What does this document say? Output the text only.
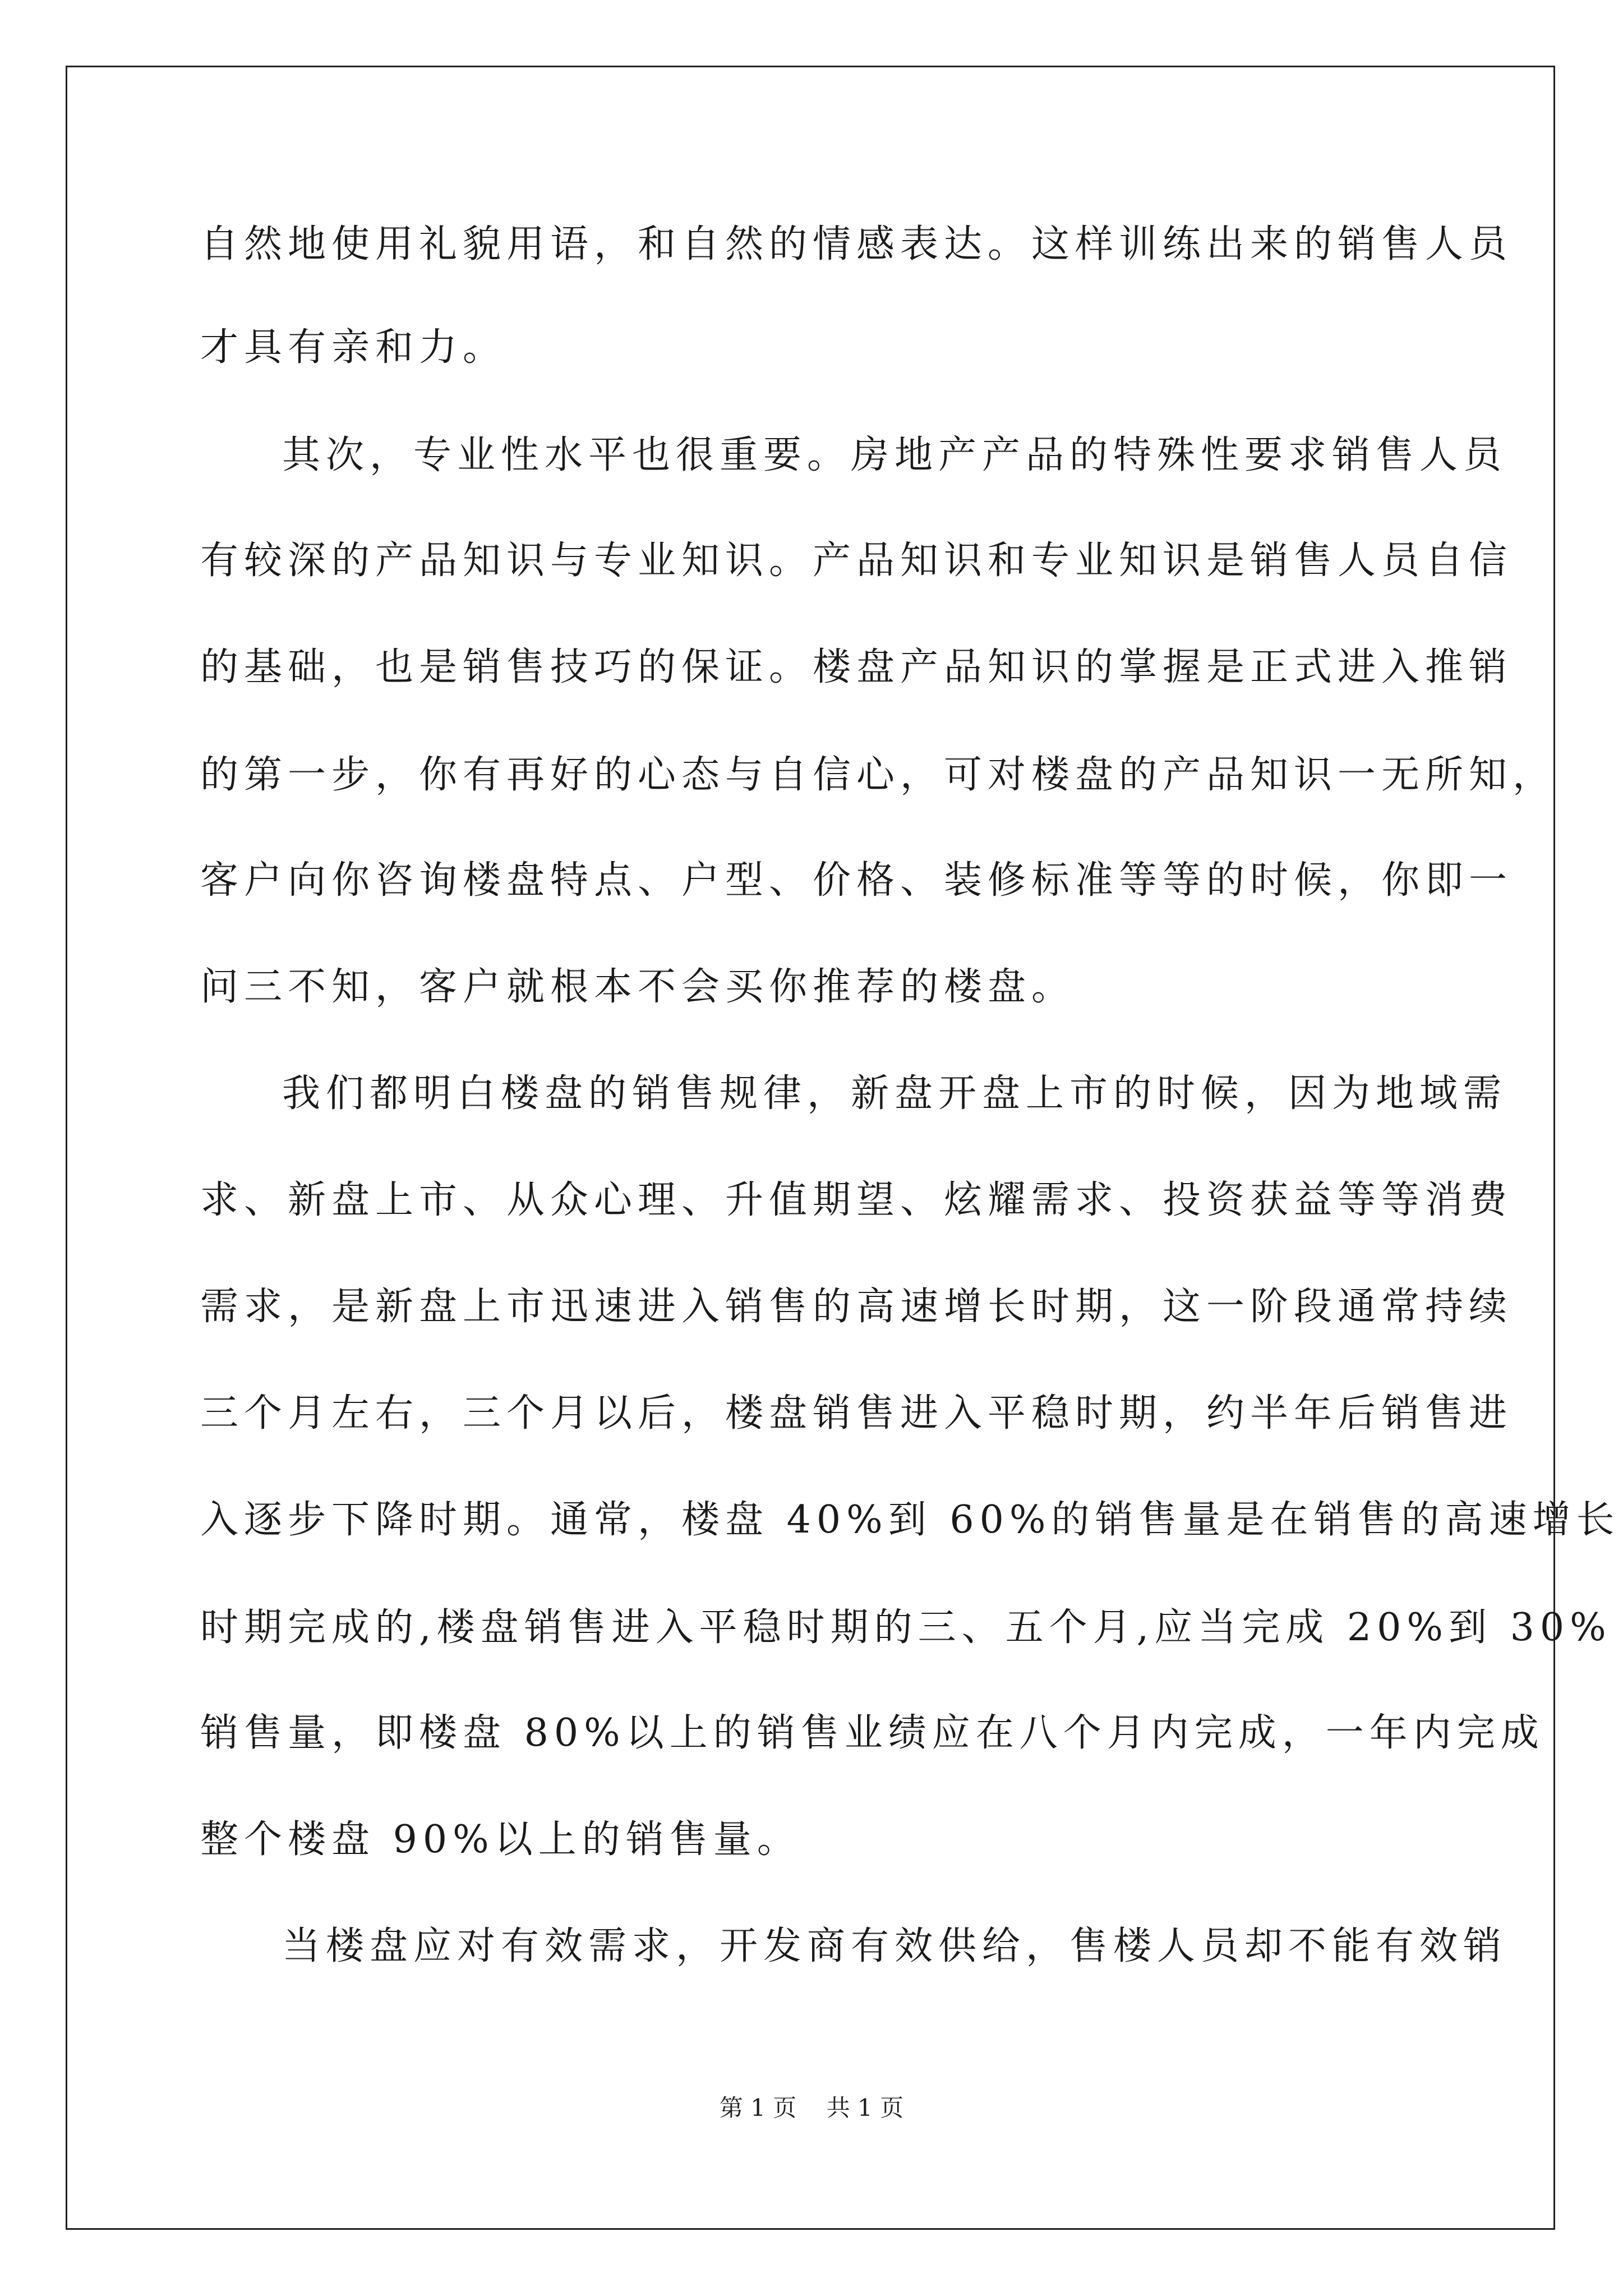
自然地使用礼貌用语，和自然的情感表达。这样训练出来的销售人员
才具有亲和力。
其次，专业性水平也很重要。房地产产品的特殊性要求销售人员
有较深的产品知识与专业知识。产品知识和专业知识是销售人员自信
的基础，也是销售技巧的保证。楼盘产品知识的掌握是正式进入推销
的第一步，你有再好的心态与自信心，可对楼盘的产品知识一无所知，
客户向你咨询楼盘特点、户型、价格、装修标准等等的时候，你即一
问三不知，客户就根本不会买你推荐的楼盘。
我们都明白楼盘的销售规律，新盘开盘上市的时候，因为地域需
求、新盘上市、从众心理、升值期望、炫耀需求、投资获益等等消费
需求，是新盘上市迅速进入销售的高速增长时期，这一阶段通常持续
三个月左右，三个月以后，楼盘销售进入平稳时期，约半年后销售进
入逐步下降时期。通常，楼盘 40%到 60%的销售量是在销售的高速增长
时期完成的,楼盘销售进入平稳时期的三、五个月,应当完成 20%到 30%
销售量，即楼盘 80%以上的销售业绩应在八个月内完成，一年内完成
整个楼盘 90%以上的销售量。
当楼盘应对有效需求，开发商有效供给，售楼人员却不能有效销
第 1 页    共 1 页
